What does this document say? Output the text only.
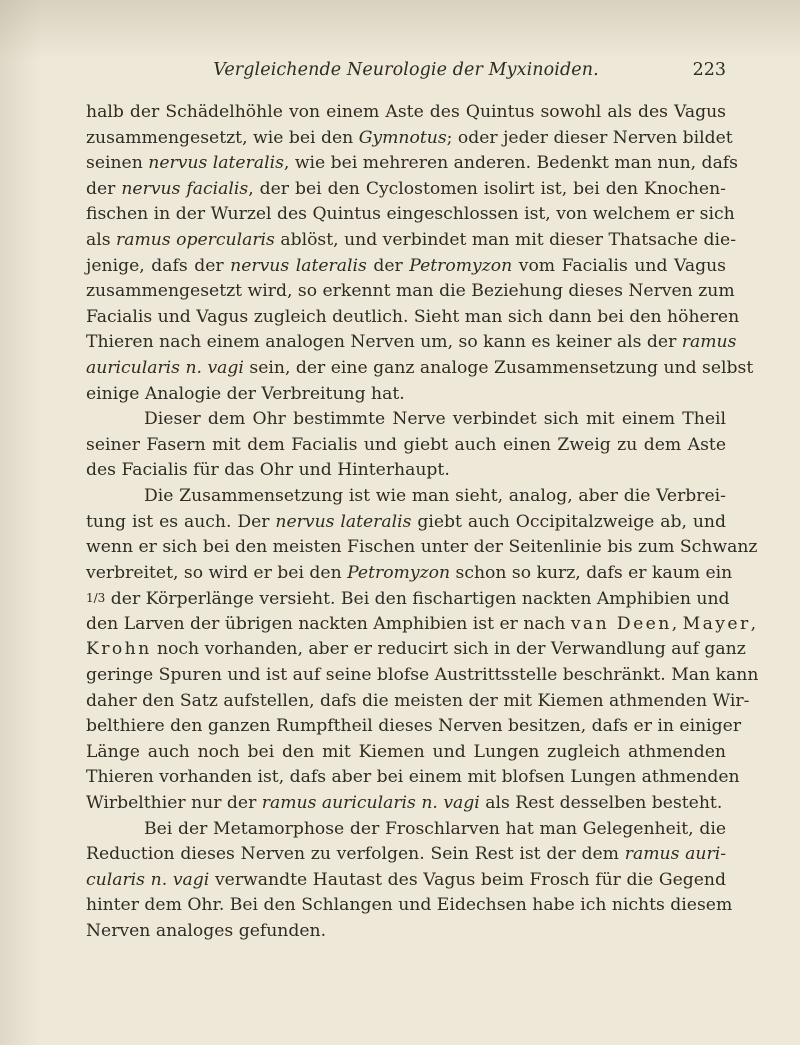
Vergleichende Neurologie der Myxinoiden.	223
halb der Schädelhöhle von einem Aste des Quintus sowohl als des Vagus
zusammengesetzt, wie bei den Gymnotus; oder jeder dieser Nerven bildet
seinen nervus lateralis, wie bei mehreren anderen. Bedenkt man nun, dafs
der nervus facialis, der bei den Cyclostomen isolirt ist, bei den Knochen-
fischen in der Wurzel des Quintus eingeschlossen ist, von welchem er sich
als ramus opercularis ablöst, und verbindet man mit dieser Thatsache die-
jenige, dafs der nervus lateralis der Petromyzon vom Facialis und Vagus
zusammengesetzt wird, so erkennt man die Beziehung dieses Nerven zum
Facialis und Vagus zugleich deutlich. Sieht man sich dann bei den höheren
Thieren nach einem analogen Nerven um, so kann es keiner als der ramus
auricularis n. vagi sein, der eine ganz analoge Zusammensetzung und selbst
einige Analogie der Verbreitung hat.
Dieser dem Ohr bestimmte Nerve verbindet sich mit einem Theil
seiner Fasern mit dem Facialis und giebt auch einen Zweig zu dem Aste
des Facialis für das Ohr und Hinterhaupt.
Die Zusammensetzung ist wie man sieht, analog, aber die Verbrei-
tung ist es auch. Der nervus lateralis giebt auch Occipitalzweige ab, und
wenn er sich bei den meisten Fischen unter der Seitenlinie bis zum Schwanz
verbreitet, so wird er bei den Petromyzon schon so kurz, dafs er kaum ein
1/3 der Körperlänge versieht. Bei den fischartigen nackten Amphibien und
den Larven der übrigen nackten Amphibien ist er nach van Deen, Mayer,
Krohn noch vorhanden, aber er reducirt sich in der Verwandlung auf ganz
geringe Spuren und ist auf seine blofse Austrittsstelle beschränkt. Man kann
daher den Satz aufstellen, dafs die meisten der mit Kiemen athmenden Wir-
belthiere den ganzen Rumpftheil dieses Nerven besitzen, dafs er in einiger
Länge auch noch bei den mit Kiemen und Lungen zugleich athmenden
Thieren vorhanden ist, dafs aber bei einem mit blofsen Lungen athmenden
Wirbelthier nur der ramus auricularis n. vagi als Rest desselben besteht.
Bei der Metamorphose der Froschlarven hat man Gelegenheit, die
Reduction dieses Nerven zu verfolgen. Sein Rest ist der dem ramus auri-
cularis n. vagi verwandte Hautast des Vagus beim Frosch für die Gegend
hinter dem Ohr. Bei den Schlangen und Eidechsen habe ich nichts diesem
Nerven analoges gefunden.
